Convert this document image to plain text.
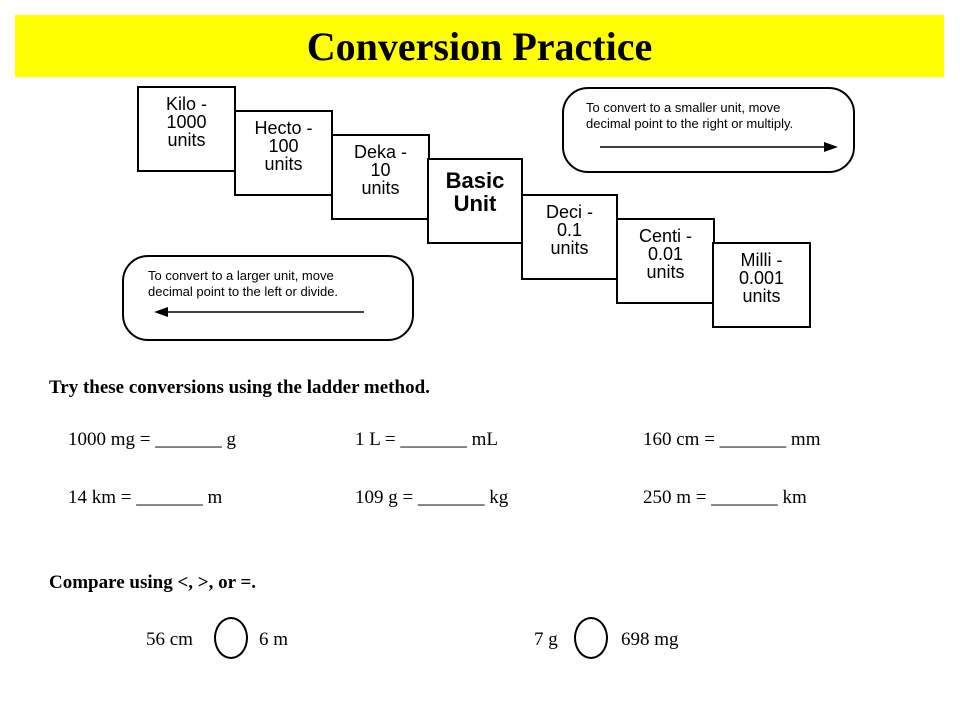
Conversion Practice
Kilo -
1000
units
Hecto -
100
units
Deka -
10
units Basic
Unit	Deci -
0.1
units
Centi -
0.01
units
Milli -
0.001
units
To convert to a smaller unit, move
decimal point to the right or multiply.
To convert to a larger unit, move
decimal point to the left or divide.
Try these conversions using the ladder method.
1000 mg = _______ g	1 L = _______ mL	160 cm = _______ mm
14 km = _______ m	109 g = _______ kg	250 m = _______ km
Compare using <, >, or =.
56 cm	6 m	7 g	698 mg
